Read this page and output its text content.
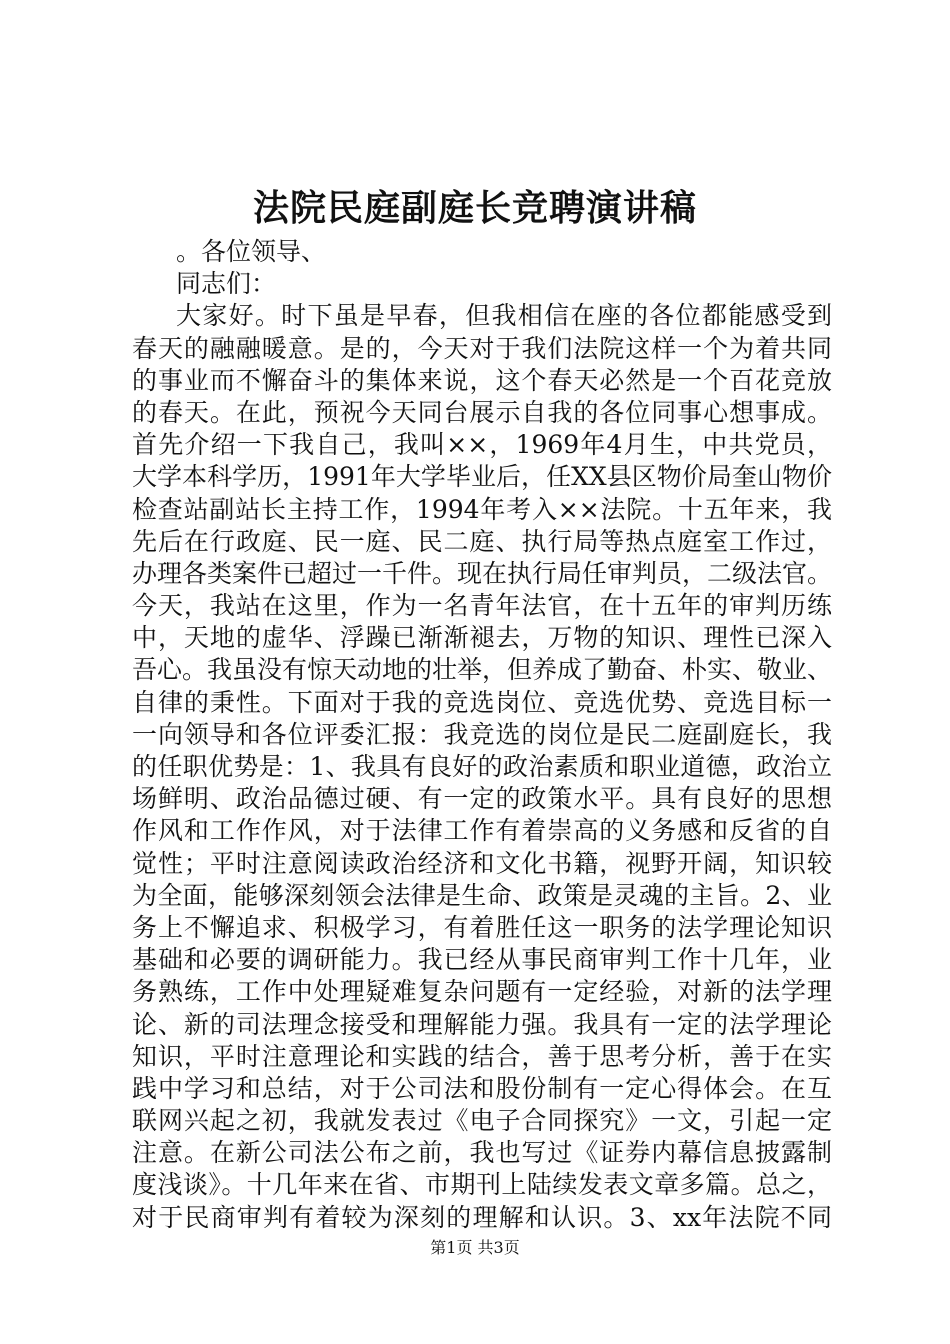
法院民庭副庭长竞聘演讲稿
。各位领导、
同志们：
大家好。时下虽是早春，但我相信在座的各位都能感受到
春天的融融暖意。是的，今天对于我们法院这样一个为着共同
的事业而不懈奋斗的集体来说，这个春天必然是一个百花竞放
的春天。在此，预祝今天同台展示自我的各位同事心想事成。
首先介绍一下我自己，我叫××，1969年4月生，中共党员，
大学本科学历，1991年大学毕业后，任XX县区物价局奎山物价
检查站副站长主持工作，1994年考入××法院。十五年来，我
先后在行政庭、民一庭、民二庭、执行局等热点庭室工作过，
办理各类案件已超过一千件。现在执行局任审判员，二级法官。
今天，我站在这里，作为一名青年法官，在十五年的审判历练
中，天地的虚华、浮躁已渐渐褪去，万物的知识、理性已深入
吾心。我虽没有惊天动地的壮举，但养成了勤奋、朴实、敬业、
自律的秉性。下面对于我的竞选岗位、竞选优势、竞选目标一
一向领导和各位评委汇报：我竞选的岗位是民二庭副庭长，我
的任职优势是：1、我具有良好的政治素质和职业道德，政治立
场鲜明、政治品德过硬、有一定的政策水平。具有良好的思想
作风和工作作风，对于法律工作有着崇高的义务感和反省的自
觉性；平时注意阅读政治经济和文化书籍，视野开阔，知识较
为全面，能够深刻领会法律是生命、政策是灵魂的主旨。2、业
务上不懈追求、积极学习，有着胜任这一职务的法学理论知识
基础和必要的调研能力。我已经从事民商审判工作十几年，业
务熟练，工作中处理疑难复杂问题有一定经验，对新的法学理
论、新的司法理念接受和理解能力强。我具有一定的法学理论
知识，平时注意理论和实践的结合，善于思考分析，善于在实
践中学习和总结，对于公司法和股份制有一定心得体会。在互
联网兴起之初，我就发表过《电子合同探究》一文，引起一定
注意。在新公司法公布之前，我也写过《证券内幕信息披露制
度浅谈》。十几年来在省、市期刊上陆续发表文章多篇。总之，
对于民商审判有着较为深刻的理解和认识。3、xx年法院不同
第1页 共3页
